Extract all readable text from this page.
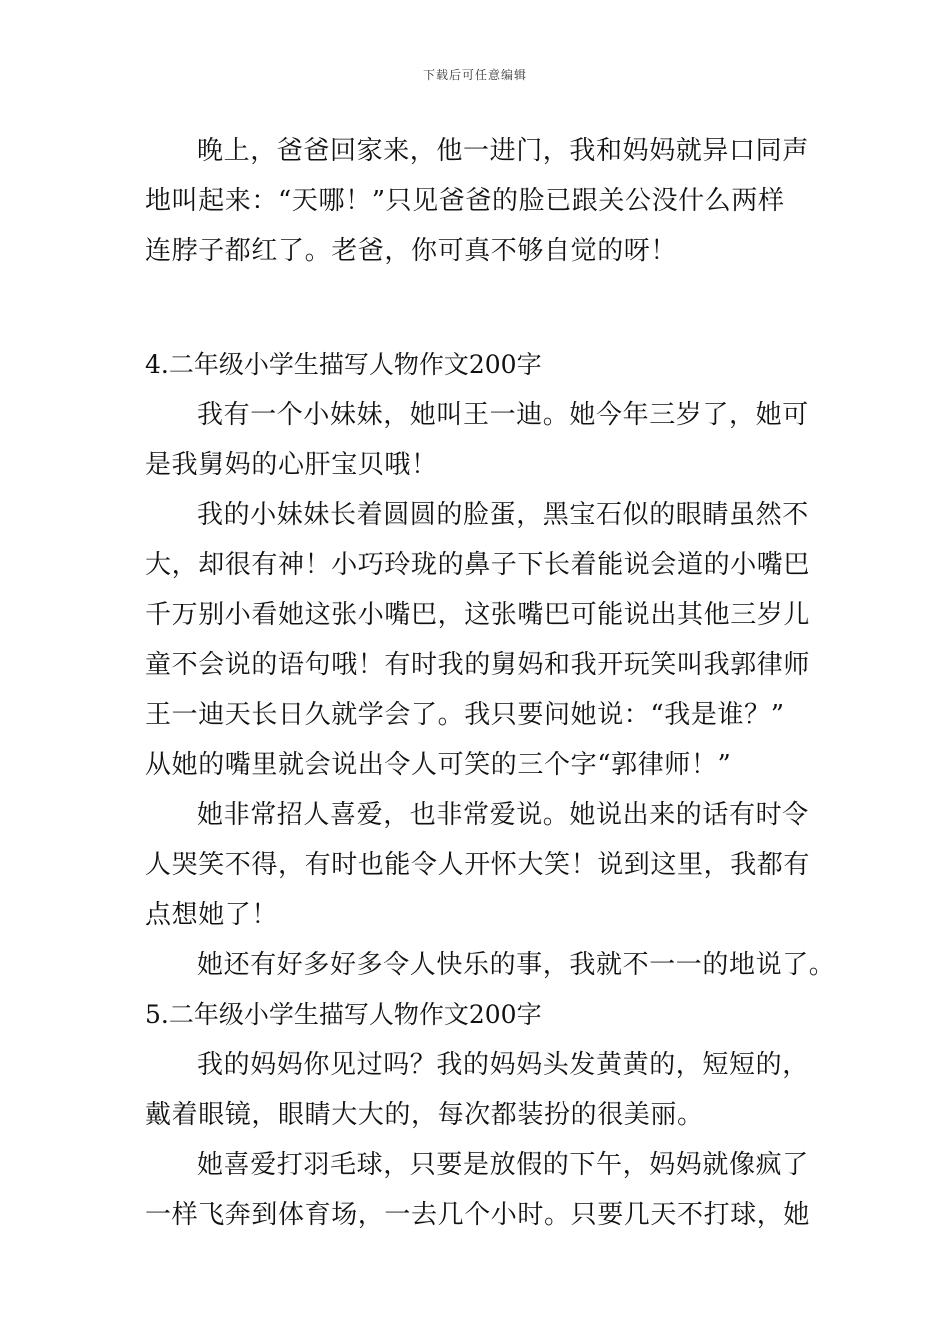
下载后可任意编辑
晚上，爸爸回家来，他一进门，我和妈妈就异口同声
地叫起来：“天哪！”只见爸爸的脸已跟关公没什么两样
连脖子都红了。老爸，你可真不够自觉的呀！
4.二年级小学生描写人物作文200字
我有一个小妹妹，她叫王一迪。她今年三岁了，她可
是我舅妈的心肝宝贝哦！
我的小妹妹长着圆圆的脸蛋，黑宝石似的眼睛虽然不
大，却很有神！小巧玲珑的鼻子下长着能说会道的小嘴巴
千万别小看她这张小嘴巴，这张嘴巴可能说出其他三岁儿
童不会说的语句哦！有时我的舅妈和我开玩笑叫我郭律师
王一迪天长日久就学会了。我只要问她说：“我是谁？”
从她的嘴里就会说出令人可笑的三个字“郭律师！”
她非常招人喜爱，也非常爱说。她说出来的话有时令
人哭笑不得，有时也能令人开怀大笑！说到这里，我都有
点想她了！
她还有好多好多令人快乐的事，我就不一一的地说了。
5.二年级小学生描写人物作文200字
我的妈妈你见过吗？我的妈妈头发黄黄的，短短的，
戴着眼镜，眼睛大大的，每次都装扮的很美丽。
她喜爱打羽毛球，只要是放假的下午，妈妈就像疯了
一样飞奔到体育场，一去几个小时。只要几天不打球，她
